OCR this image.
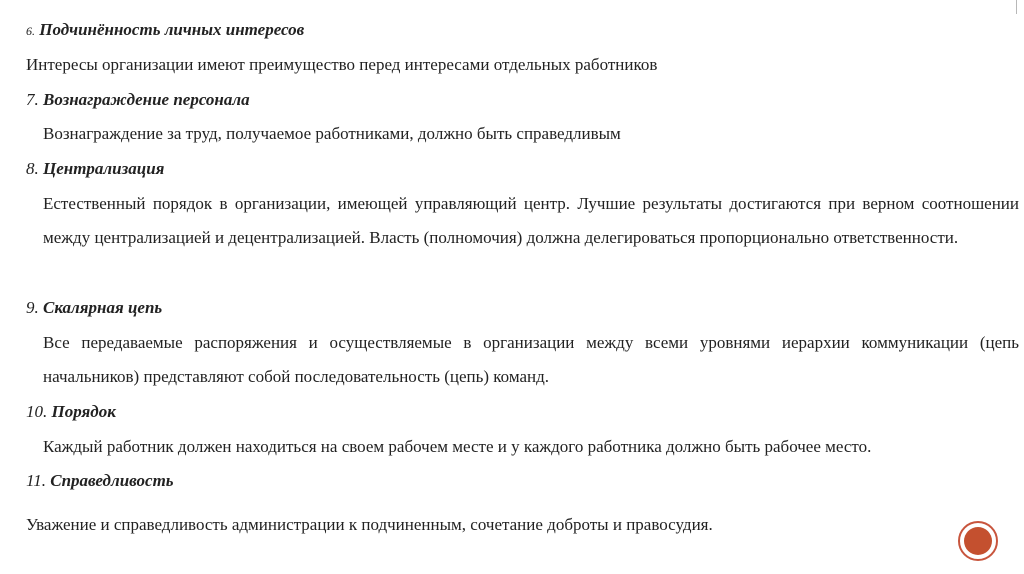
6. Подчинённость личных интересов
Интересы организации имеют преимущество перед интересами отдельных работников
7. Вознаграждение персонала
Вознаграждение за труд, получаемое работниками, должно быть справедливым
8. Централизация
Естественный порядок в организации, имеющей управляющий центр. Лучшие результаты достигаются при верном соотношении между централизацией и децентрализацией. Власть (полномочия) должна делегироваться пропорционально ответственности.
9. Скалярная цепь
Все передаваемые распоряжения и осуществляемые в организации между всеми уровнями иерархии коммуникации (цепь начальников) представляют собой последовательность (цепь) команд.
10. Порядок
Каждый работник должен находиться на своем рабочем месте и у каждого работника должно быть рабочее место.
11. Справедливость
Уважение и справедливость администрации к подчиненным, сочетание доброты и правосудия.
